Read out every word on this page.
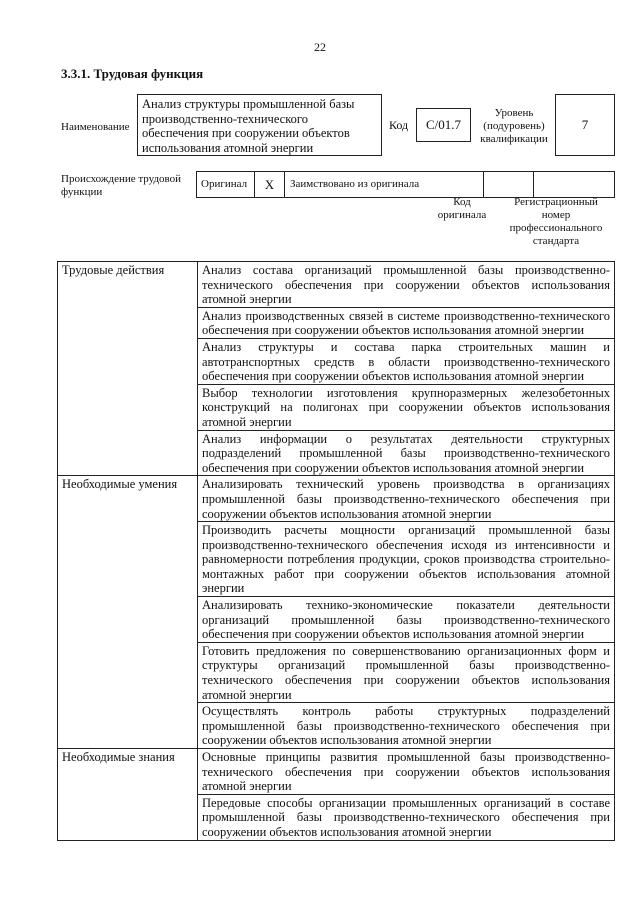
22
3.3.1. Трудовая функция
Наименование
Анализ структуры промышленной базы производственно-технического обеспечения при сооружении объектов использования атомной энергии
Код	C/01.7
Уровень (подуровень) квалификации
7
Происхождение трудовой функции
Оригинал	X	Заимствовано из оригинала
Код оригинала
Регистрационный номер профессионального стандарта
Трудовые действия	Анализ состава организаций промышленной базы производственно-технического обеспечения при сооружении объектов использования атомной энергии
	Анализ производственных связей в системе производственно-технического обеспечения при сооружении объектов использования атомной энергии
	Анализ структуры и состава парка строительных машин и автотранспортных средств в области производственно-технического обеспечения при сооружении объектов использования атомной энергии
	Выбор технологии изготовления крупноразмерных железобетонных конструкций на полигонах при сооружении объектов использования атомной энергии
	Анализ информации о результатах деятельности структурных подразделений промышленной базы производственно-технического обеспечения при сооружении объектов использования атомной энергии
Необходимые умения	Анализировать технический уровень производства в организациях промышленной базы производственно-технического обеспечения при сооружении объектов использования атомной энергии
	Производить расчеты мощности организаций промышленной базы производственно-технического обеспечения исходя из интенсивности и равномерности потребления продукции, сроков производства строительно-монтажных работ при сооружении объектов использования атомной энергии
	Анализировать технико-экономические показатели деятельности организаций промышленной базы производственно-технического обеспечения при сооружении объектов использования атомной энергии
	Готовить предложения по совершенствованию организационных форм и структуры организаций промышленной базы производственно-технического обеспечения при сооружении объектов использования атомной энергии
	Осуществлять контроль работы структурных подразделений промышленной базы производственно-технического обеспечения при сооружении объектов использования атомной энергии
Необходимые знания	Основные принципы развития промышленной базы производственно-технического обеспечения при сооружении объектов использования атомной энергии
	Передовые способы организации промышленных организаций в составе промышленной базы производственно-технического обеспечения при сооружении объектов использования атомной энергии
